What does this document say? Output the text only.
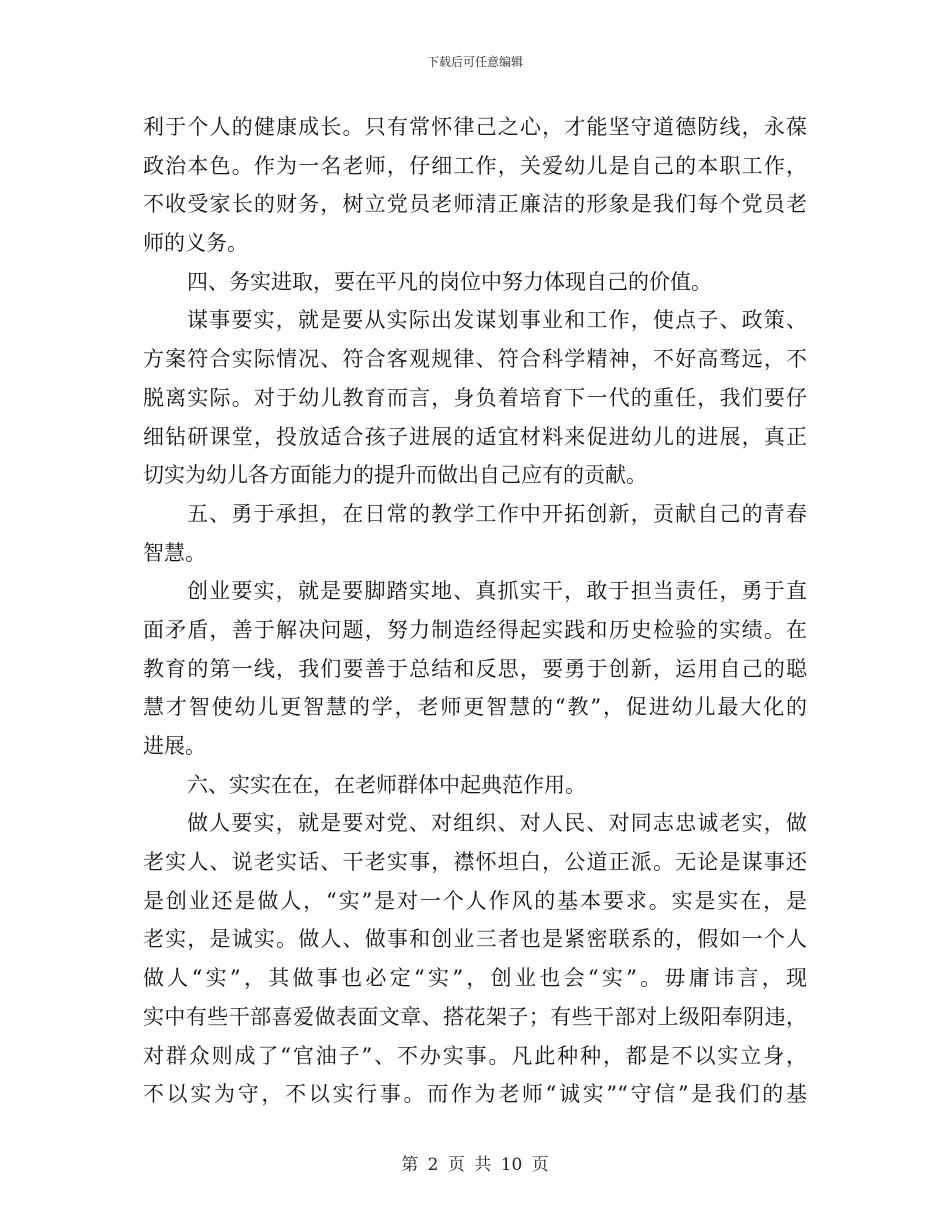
下载后可任意编辑
利于个人的健康成长。只有常怀律己之心，才能坚守道德防线，永葆
政治本色。作为一名老师，仔细工作，关爱幼儿是自己的本职工作，
不收受家长的财务，树立党员老师清正廉洁的形象是我们每个党员老
师的义务。
四、务实进取，要在平凡的岗位中努力体现自己的价值。
谋事要实，就是要从实际出发谋划事业和工作，使点子、政策、
方案符合实际情况、符合客观规律、符合科学精神，不好高骛远，不
脱离实际。对于幼儿教育而言，身负着培育下一代的重任，我们要仔
细钻研课堂，投放适合孩子进展的适宜材料来促进幼儿的进展，真正
切实为幼儿各方面能力的提升而做出自己应有的贡献。
五、勇于承担，在日常的教学工作中开拓创新，贡献自己的青春
智慧。
创业要实，就是要脚踏实地、真抓实干，敢于担当责任，勇于直
面矛盾，善于解决问题，努力制造经得起实践和历史检验的实绩。在
教育的第一线，我们要善于总结和反思，要勇于创新，运用自己的聪
慧才智使幼儿更智慧的学，老师更智慧的“教”，促进幼儿最大化的
进展。
六、实实在在，在老师群体中起典范作用。
做人要实，就是要对党、对组织、对人民、对同志忠诚老实，做
老实人、说老实话、干老实事，襟怀坦白，公道正派。无论是谋事还
是创业还是做人，“实”是对一个人作风的基本要求。实是实在，是
老实，是诚实。做人、做事和创业三者也是紧密联系的，假如一个人
做人“实”，其做事也必定“实”，创业也会“实”。毋庸讳言，现
实中有些干部喜爱做表面文章、搭花架子；有些干部对上级阳奉阴违，
对群众则成了“官油子”、不办实事。凡此种种，都是不以实立身，
不以实为守，不以实行事。而作为老师“诚实”“守信”是我们的基
第 2 页 共 10 页
